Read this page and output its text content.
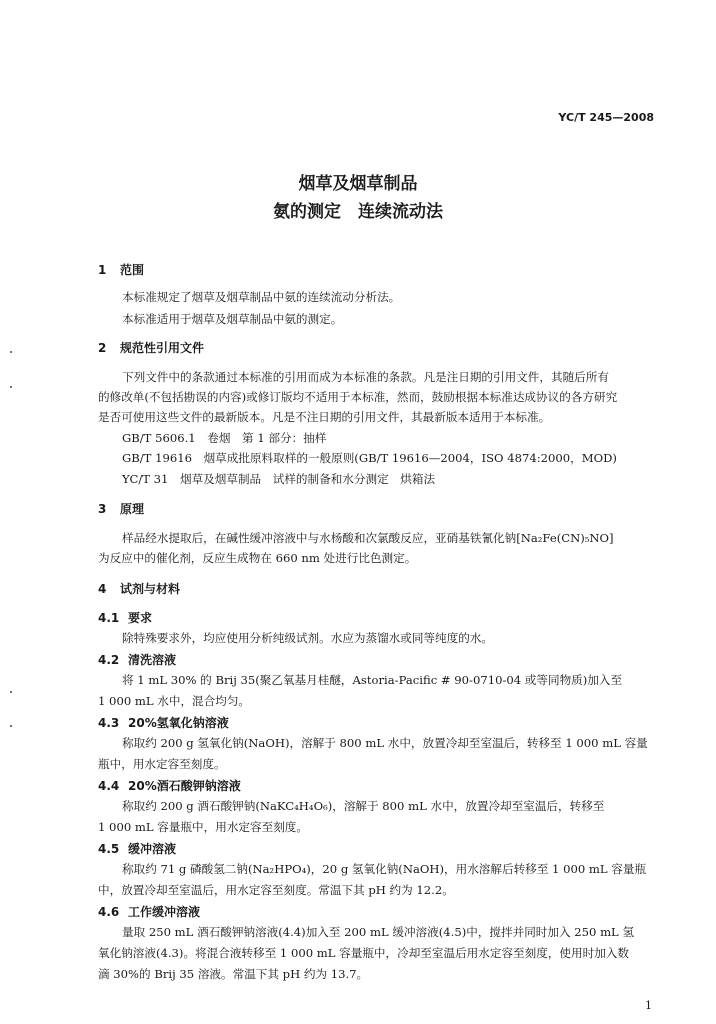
YC/T 245—2008
烟草及烟草制品
氨的测定　连续流动法
1 范围
本标准规定了烟草及烟草制品中氨的连续流动分析法。
本标准适用于烟草及烟草制品中氨的测定。
2 规范性引用文件
下列文件中的条款通过本标准的引用而成为本标准的条款。凡是注日期的引用文件，其随后所有
的修改单(不包括勘误的内容)或修订版均不适用于本标准，然而，鼓励根据本标准达成协议的各方研究
是否可使用这些文件的最新版本。凡是不注日期的引用文件，其最新版本适用于本标准。
GB/T 5606.1　卷烟　第 1 部分：抽样
GB/T 19616　烟草成批原料取样的一般原则(GB/T 19616—2004，ISO 4874:2000，MOD)
YC/T 31　烟草及烟草制品　试样的制备和水分测定　烘箱法
3 原理
样品经水提取后，在碱性缓冲溶液中与水杨酸和次氯酸反应，亚硝基铁氰化钠[Na₂Fe(CN)₅NO]
为反应中的催化剂，反应生成物在 660 nm 处进行比色测定。
4 试剂与材料
4.1 要求
除特殊要求外，均应使用分析纯级试剂。水应为蒸馏水或同等纯度的水。
4.2 清洗溶液
将 1 mL 30% 的 Brij 35(聚乙氧基月桂醚，Astoria-Pacific # 90-0710-04 或等同物质)加入至
1 000 mL 水中，混合均匀。
4.3 20%氢氧化钠溶液
称取约 200 g 氢氧化钠(NaOH)，溶解于 800 mL 水中，放置冷却至室温后，转移至 1 000 mL 容量
瓶中，用水定容至刻度。
4.4 20%酒石酸钾钠溶液
称取约 200 g 酒石酸钾钠(NaKC₄H₄O₆)，溶解于 800 mL 水中，放置冷却至室温后，转移至
1 000 mL 容量瓶中，用水定容至刻度。
4.5 缓冲溶液
称取约 71 g 磷酸氢二钠(Na₂HPO₄)，20 g 氢氧化钠(NaOH)，用水溶解后转移至 1 000 mL 容量瓶
中，放置冷却至室温后，用水定容至刻度。常温下其 pH 约为 12.2。
4.6 工作缓冲溶液
量取 250 mL 酒石酸钾钠溶液(4.4)加入至 200 mL 缓冲溶液(4.5)中，搅拌并同时加入 250 mL 氢
氧化钠溶液(4.3)。将混合液转移至 1 000 mL 容量瓶中，冷却至室温后用水定容至刻度，使用时加入数
滴 30%的 Brij 35 溶液。常温下其 pH 约为 13.7。
1
